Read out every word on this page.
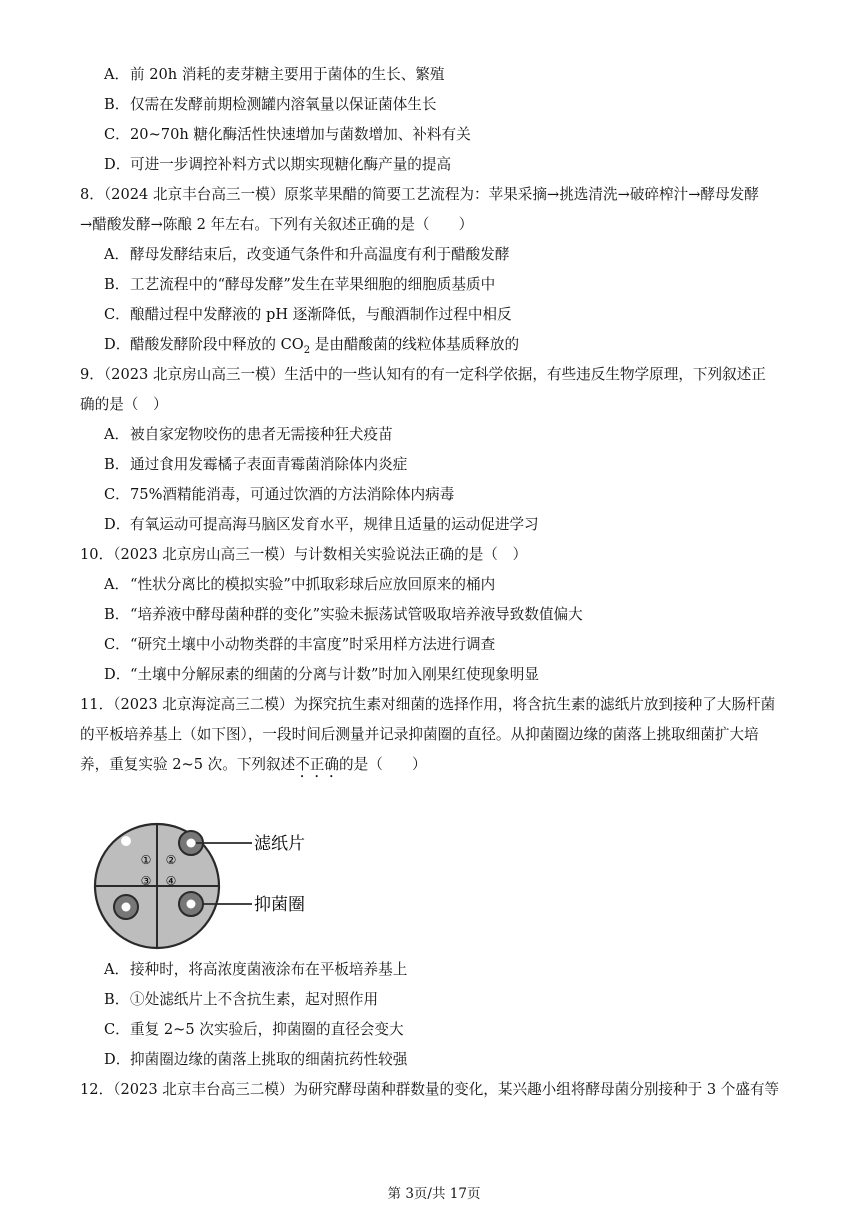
A．前 20h 消耗的麦芽糖主要用于菌体的生长、繁殖
B．仅需在发酵前期检测罐内溶氧量以保证菌体生长
C．20~70h 糖化酶活性快速增加与菌数增加、补料有关
D．可进一步调控补料方式以期实现糖化酶产量的提高
8．（2024 北京丰台高三一模）原浆苹果醋的简要工艺流程为：苹果采摘→挑选清洗→破碎榨汁→酵母发酵
→醋酸发酵→陈酿 2 年左右。下列有关叙述正确的是（　　）
A．酵母发酵结束后，改变通气条件和升高温度有利于醋酸发酵
B．工艺流程中的“酵母发酵”发生在苹果细胞的细胞质基质中
C．酿醋过程中发酵液的 pH 逐渐降低，与酿酒制作过程中相反
D．醋酸发酵阶段中释放的 $CO_2$ 是由醋酸菌的线粒体基质释放的
9．（2023 北京房山高三一模）生活中的一些认知有的有一定科学依据，有些违反生物学原理，下列叙述正
确的是（　）
A．被自家宠物咬伤的患者无需接种狂犬疫苗
B．通过食用发霉橘子表面青霉菌消除体内炎症
C．75%酒精能消毒，可通过饮酒的方法消除体内病毒
D．有氧运动可提高海马脑区发育水平，规律且适量的运动促进学习
10．（2023 北京房山高三一模）与计数相关实验说法正确的是（　）
A．“性状分离比的模拟实验”中抓取彩球后应放回原来的桶内
B．“培养液中酵母菌种群的变化”实验未振荡试管吸取培养液导致数值偏大
C．“研究土壤中小动物类群的丰富度”时采用样方法进行调查
D．“土壤中分解尿素的细菌的分离与计数”时加入刚果红使现象明显
11．（2023 北京海淀高三二模）为探究抗生素对细菌的选择作用，将含抗生素的滤纸片放到接种了大肠杆菌
的平板培养基上（如下图），一段时间后测量并记录抑菌圈的直径。从抑菌圈边缘的菌落上挑取细菌扩大培
养，重复实验 2~5 次。下列叙述不正确的是（　　）
① ②
③ ④
滤纸片
抑菌圈
A．接种时，将高浓度菌液涂布在平板培养基上
B．①处滤纸片上不含抗生素，起对照作用
C．重复 2~5 次实验后，抑菌圈的直径会变大
D．抑菌圈边缘的菌落上挑取的细菌抗药性较强
12．（2023 北京丰台高三二模）为研究酵母菌种群数量的变化，某兴趣小组将酵母菌分别接种于 3 个盛有等
第 3页/共 17页
